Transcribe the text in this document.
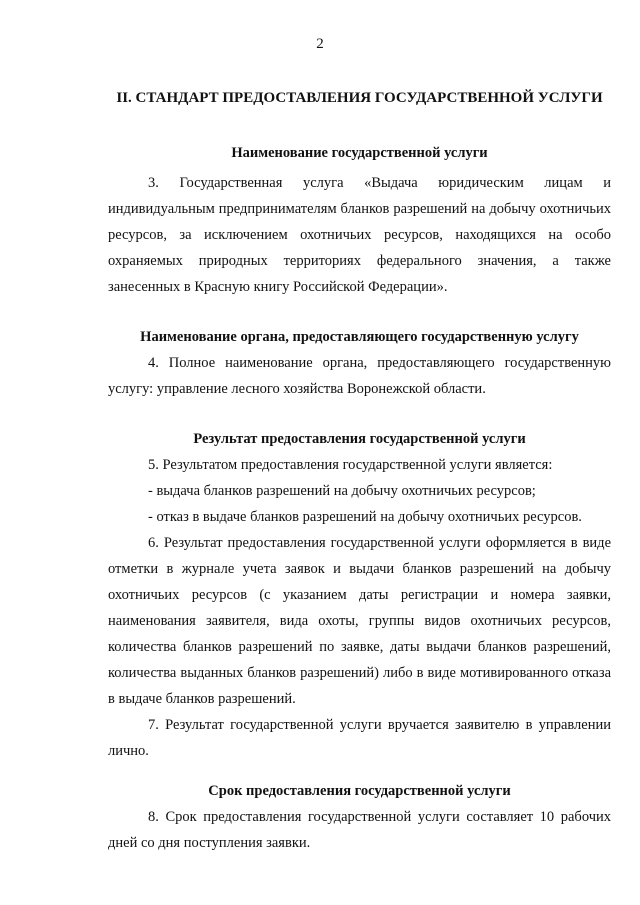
2
II. СТАНДАРТ ПРЕДОСТАВЛЕНИЯ ГОСУДАРСТВЕННОЙ УСЛУГИ

Наименование государственной услуги

3. Государственная услуга «Выдача юридическим лицам и индивидуальным предпринимателям бланков разрешений на добычу охотничьих ресурсов, за исключением охотничьих ресурсов, находящихся на особо охраняемых природных территориях федерального значения, а также занесенных в Красную книгу Российской Федерации».

Наименование органа, предоставляющего государственную услугу

4. Полное наименование органа, предоставляющего государственную услугу: управление лесного хозяйства Воронежской области.

Результат предоставления государственной услуги

5. Результатом предоставления государственной услуги является:

- выдача бланков разрешений на добычу охотничьих ресурсов;

- отказ в выдаче бланков разрешений на добычу охотничьих ресурсов.

6. Результат предоставления государственной услуги оформляется в виде отметки в журнале учета заявок и выдачи бланков разрешений на добычу охотничьих ресурсов (с указанием даты регистрации и номера заявки, наименования заявителя, вида охоты, группы видов охотничьих ресурсов, количества бланков разрешений по заявке, даты выдачи бланков разрешений, количества выданных бланков разрешений) либо в виде мотивированного отказа в выдаче бланков разрешений.

7. Результат государственной услуги вручается заявителю в управлении лично.

Срок предоставления государственной услуги

8. Срок предоставления государственной услуги составляет 10 рабочих дней со дня поступления заявки.
